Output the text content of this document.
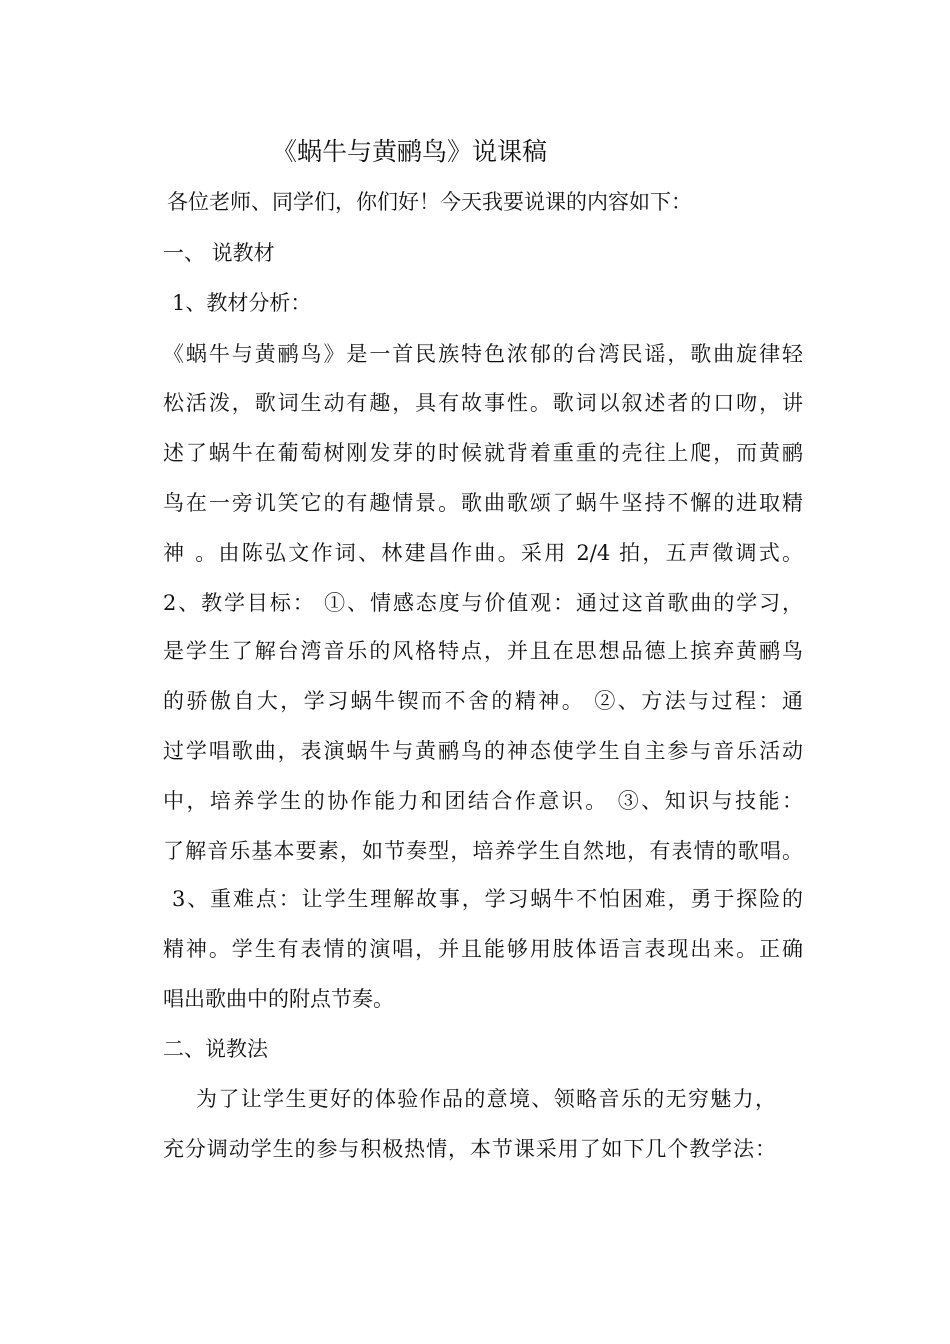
《蜗牛与黄鹂鸟》说课稿
各位老师、同学们，你们好！今天我要说课的内容如下：
一、 说教材
1、教材分析：
《蜗牛与黄鹂鸟》是一首民族特色浓郁的台湾民谣，歌曲旋律轻
松活泼，歌词生动有趣，具有故事性。歌词以叙述者的口吻，讲
述了蜗牛在葡萄树刚发芽的时候就背着重重的壳往上爬，而黄鹂
鸟在一旁讥笑它的有趣情景。歌曲歌颂了蜗牛坚持不懈的进取精
神 。由陈弘文作词、林建昌作曲。采用 2/4 拍，五声徵调式。
2、教学目标： ①、情感态度与价值观：通过这首歌曲的学习，
是学生了解台湾音乐的风格特点，并且在思想品德上摈弃黄鹂鸟
的骄傲自大，学习蜗牛锲而不舍的精神。 ②、方法与过程：通
过学唱歌曲，表演蜗牛与黄鹂鸟的神态使学生自主参与音乐活动
中，培养学生的协作能力和团结合作意识。 ③、知识与技能：
了解音乐基本要素，如节奏型，培养学生自然地，有表情的歌唱。
3、重难点：让学生理解故事，学习蜗牛不怕困难，勇于探险的
精神。学生有表情的演唱，并且能够用肢体语言表现出来。正确
唱出歌曲中的附点节奏。
二、说教法
为了让学生更好的体验作品的意境、领略音乐的无穷魅力，
充分调动学生的参与积极热情，本节课采用了如下几个教学法：
